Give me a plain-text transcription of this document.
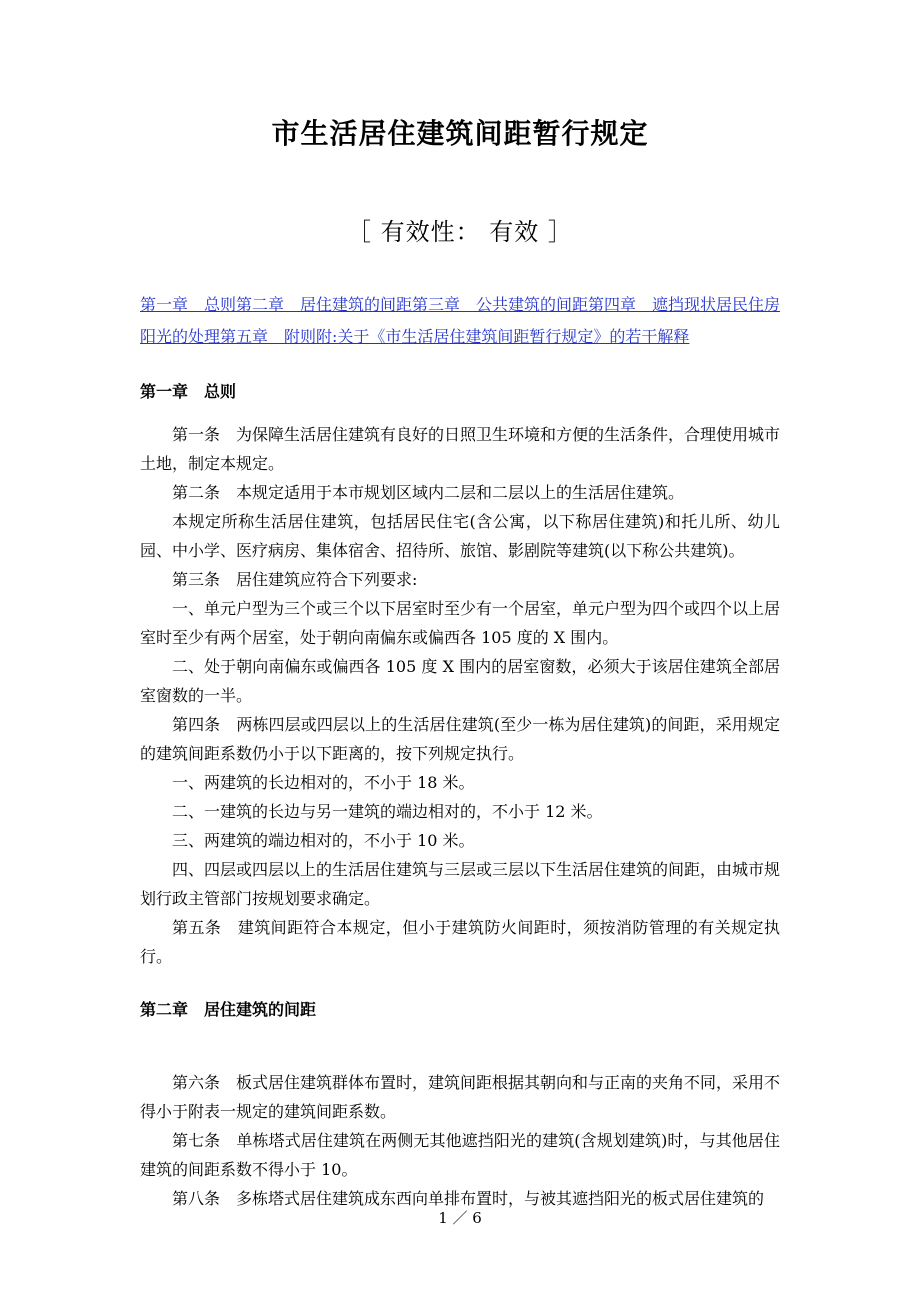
市生活居住建筑间距暂行规定
［ 有效性： 有效 ］

第一章　总则第二章　居住建筑的间距第三章　公共建筑的间距第四章　遮挡现状居民住房阳光的处理第五章　附则附:关于《市生活居住建筑间距暂行规定》的若干解释

第一章　总则

第一条　为保障生活居住建筑有良好的日照卫生环境和方便的生活条件，合理使用城市土地，制定本规定。

第二条　本规定适用于本市规划区域内二层和二层以上的生活居住建筑。

本规定所称生活居住建筑，包括居民住宅(含公寓，以下称居住建筑)和托儿所、幼儿园、中小学、医疗病房、集体宿舍、招待所、旅馆、影剧院等建筑(以下称公共建筑)。

第三条　居住建筑应符合下列要求:

一、单元户型为三个或三个以下居室时至少有一个居室，单元户型为四个或四个以上居室时至少有两个居室，处于朝向南偏东或偏西各 105 度的 X 围内。

二、处于朝向南偏东或偏西各 105 度 X 围内的居室窗数，必须大于该居住建筑全部居室窗数的一半。

第四条　两栋四层或四层以上的生活居住建筑(至少一栋为居住建筑)的间距，采用规定的建筑间距系数仍小于以下距离的，按下列规定执行。

一、两建筑的长边相对的，不小于 18 米。

二、一建筑的长边与另一建筑的端边相对的，不小于 12 米。

三、两建筑的端边相对的，不小于 10 米。

四、四层或四层以上的生活居住建筑与三层或三层以下生活居住建筑的间距，由城市规划行政主管部门按规划要求确定。

第五条　建筑间距符合本规定，但小于建筑防火间距时，须按消防管理的有关规定执行。

第二章　居住建筑的间距

第六条　板式居住建筑群体布置时，建筑间距根据其朝向和与正南的夹角不同，采用不得小于附表一规定的建筑间距系数。

第七条　单栋塔式居住建筑在两侧无其他遮挡阳光的建筑(含规划建筑)时，与其他居住建筑的间距系数不得小于 10。

第八条　多栋塔式居住建筑成东西向单排布置时，与被其遮挡阳光的板式居住建筑的

1 ／ 6
